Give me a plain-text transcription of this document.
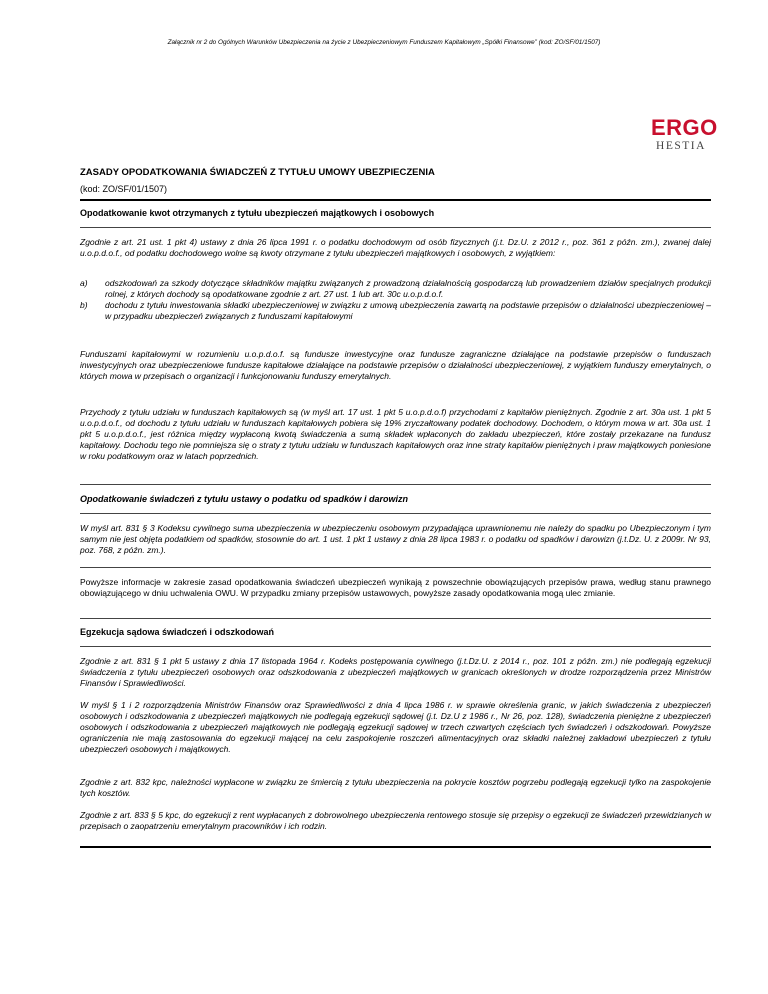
Załącznik nr 2 do Ogólnych Warunków Ubezpieczenia na życie z Ubezpieczeniowym Funduszem Kapitałowym „Spółki Finansowe” (kod: ZO/SF/01/1507)
ERGO
HESTIA
ZASADY OPODATKOWANIA ŚWIADCZEŃ Z TYTUŁU UMOWY UBEZPIECZENIA
(kod: ZO/SF/01/1507)
Opodatkowanie kwot otrzymanych z tytułu ubezpieczeń majątkowych i osobowych
Zgodnie z art. 21 ust. 1 pkt 4) ustawy z dnia 26 lipca 1991 r. o podatku dochodowym od osób fizycznych (j.t. Dz.U. z 2012 r., poz. 361 z późn. zm.), zwanej dalej u.o.p.d.o.f., od podatku dochodowego wolne są kwoty otrzymane z tytułu ubezpieczeń majątkowych i osobowych, z wyjątkiem:
a)	odszkodowań za szkody dotyczące składników majątku związanych z prowadzoną działalnością gospodarczą lub prowadzeniem działów specjalnych produkcji rolnej, z których dochody są opodatkowane zgodnie z art. 27 ust. 1 lub art. 30c u.o.p.d.o.f.
b)	dochodu z tytułu inwestowania składki ubezpieczeniowej w związku z umową ubezpieczenia zawartą na podstawie przepisów o działalności ubezpieczeniowej – w przypadku ubezpieczeń związanych z funduszami kapitałowymi
Funduszami kapitałowymi w rozumieniu u.o.p.d.o.f. są fundusze inwestycyjne oraz fundusze zagraniczne działające na podstawie przepisów o funduszach inwestycyjnych oraz ubezpieczeniowe fundusze kapitałowe działające na podstawie przepisów o działalności ubezpieczeniowej, z wyjątkiem funduszy emerytalnych, o których mowa w przepisach o organizacji i funkcjonowaniu funduszy emerytalnych.
Przychody z tytułu udziału w funduszach kapitałowych są (w myśl art. 17 ust. 1 pkt 5 u.o.p.d.o.f) przychodami z kapitałów pieniężnych. Zgodnie z art. 30a ust. 1 pkt 5 u.o.p.d.o.f., od dochodu z tytułu udziału w funduszach kapitałowych pobiera się 19% zryczałtowany podatek dochodowy. Dochodem, o którym mowa w art. 30a ust. 1 pkt 5 u.o.p.d.o.f., jest różnica między wypłaconą kwotą świadczenia a sumą składek wpłaconych do zakładu ubezpieczeń, które zostały przekazane na fundusz kapitałowy. Dochodu tego nie pomniejsza się o straty z tytułu udziału w funduszach kapitałowych oraz inne straty kapitałów pieniężnych i praw majątkowych poniesione w roku podatkowym oraz w latach poprzednich.
Opodatkowanie świadczeń z tytułu ustawy o podatku od spadków i darowizn
W myśl art. 831 § 3 Kodeksu cywilnego suma ubezpieczenia w ubezpieczeniu osobowym przypadająca uprawnionemu nie należy do spadku po Ubezpieczonym i tym samym nie jest objęta podatkiem od spadków, stosownie do art. 1 ust. 1 pkt 1 ustawy z dnia 28 lipca 1983 r. o podatku od spadków i darowizn (j.t.Dz. U. z 2009r. Nr 93, poz. 768, z późn. zm.).
Powyższe informacje w zakresie zasad opodatkowania świadczeń ubezpieczeń wynikają z powszechnie obowiązujących przepisów prawa, według stanu prawnego obowiązującego w dniu uchwalenia OWU. W przypadku zmiany przepisów ustawowych, powyższe zasady opodatkowania mogą ulec zmianie.
Egzekucja sądowa świadczeń i odszkodowań
Zgodnie z art. 831 § 1 pkt 5 ustawy z dnia 17 listopada 1964 r. Kodeks postępowania cywilnego (j.t.Dz.U. z 2014 r., poz. 101 z późn. zm.) nie podlegają egzekucji świadczenia z tytułu ubezpieczeń osobowych oraz odszkodowania z ubezpieczeń majątkowych w granicach określonych w drodze rozporządzenia przez Ministrów Finansów i Sprawiedliwości.
W myśl § 1 i 2 rozporządzenia Ministrów Finansów oraz Sprawiedliwości z dnia 4 lipca 1986 r. w sprawie określenia granic, w jakich świadczenia z ubezpieczeń osobowych i odszkodowania z ubezpieczeń majątkowych nie podlegają egzekucji sądowej (j.t. Dz.U z 1986 r., Nr 26, poz. 128), świadczenia pieniężne z ubezpieczeń osobowych i odszkodowania z ubezpieczeń majątkowych nie podlegają egzekucji sądowej w trzech czwartych częściach tych świadczeń i odszkodowań. Powyższe ograniczenia nie mają zastosowania do egzekucji mającej na celu zaspokojenie roszczeń alimentacyjnych oraz składki należnej zakładowi ubezpieczeń z tytułu ubezpieczeń osobowych i majątkowych.
Zgodnie z art. 832 kpc, należności wypłacone w związku ze śmiercią z tytułu ubezpieczenia na pokrycie kosztów pogrzebu podlegają egzekucji tylko na zaspokojenie tych kosztów.
Zgodnie z art. 833 § 5 kpc, do egzekucji z rent wypłacanych z dobrowolnego ubezpieczenia rentowego stosuje się przepisy o egzekucji ze świadczeń przewidzianych w przepisach o zaopatrzeniu emerytalnym pracowników i ich rodzin.
